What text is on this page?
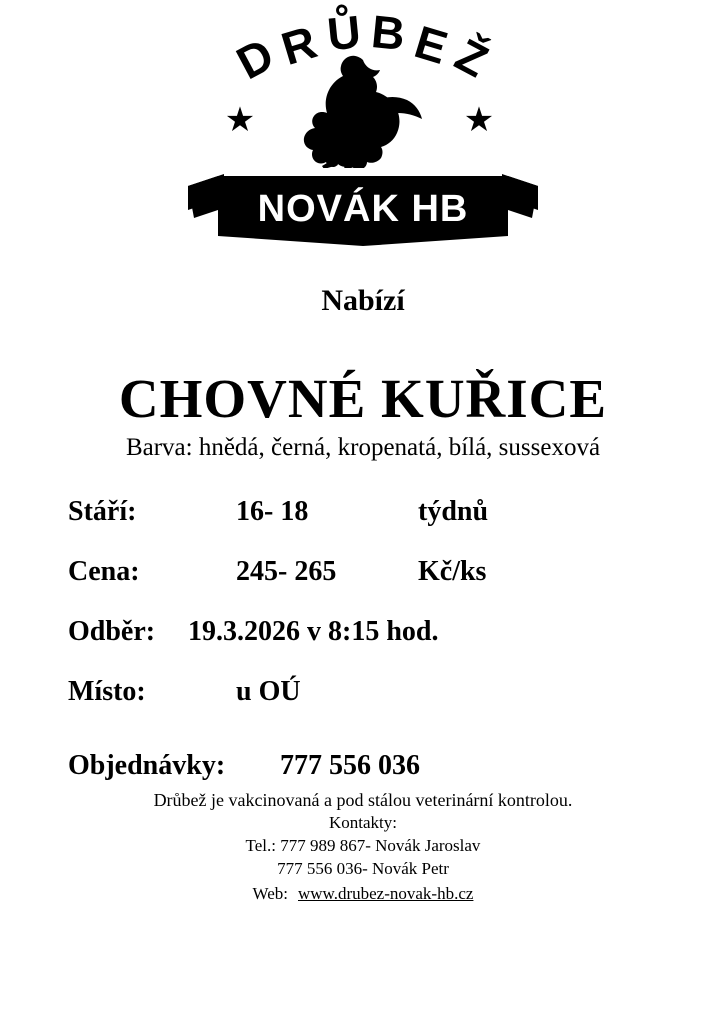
DRŮBEŽ
★	★
NOVÁK HB
Nabízí
CHOVNÉ KUŘICE
Barva: hnědá, černá, kropenatá, bílá, sussexová
Stáří:	16- 18	týdnů
Cena:	245- 265	Kč/ks
Odběr: 19.3.2026 v 8:15 hod.
Místo:	u OÚ
Objednávky: 777 556 036
Drůbež je vakcinovaná a pod stálou veterinární kontrolou.
Kontakty:
Tel.: 777 989 867- Novák Jaroslav
777 556 036- Novák Petr
Web: www.drubez-novak-hb.cz
